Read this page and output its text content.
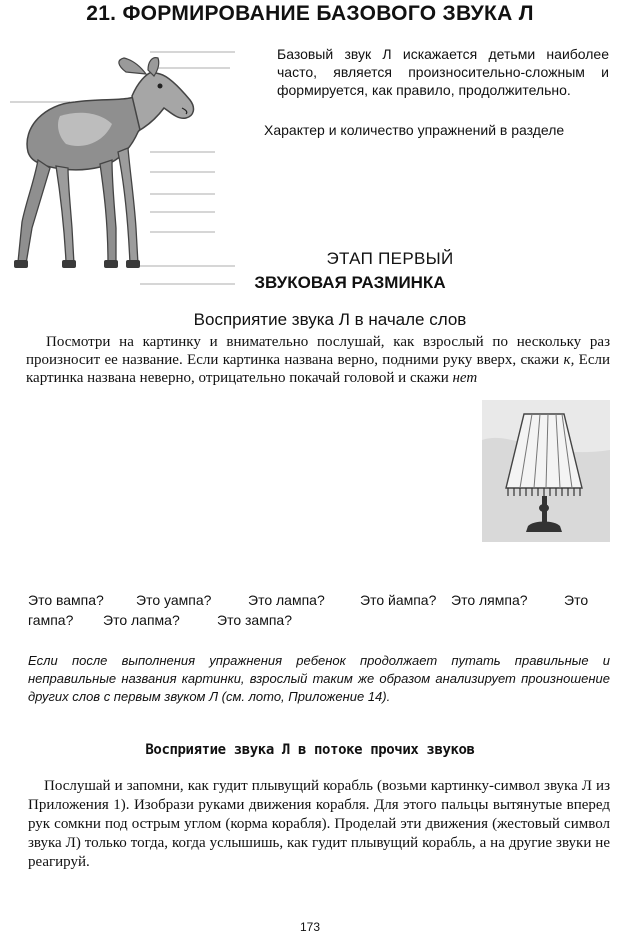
21. ФОРМИРОВАНИЕ БАЗОВОГО ЗВУКА Л
Базовый звук Л искажается детьми наиболее часто, является произносительно-сложным и формируется, как правило, продолжительно.
Характер и количество упражнений в разделе
ЭТАП ПЕРВЫЙ
ЗВУКОВАЯ РАЗМИНКА
Восприятие звука Л в начале слов
Посмотри на картинку и внимательно послушай, как взрослый по нескольку раз произносит ее название. Если картинка названа верно, подними руку вверх, скажи к, Если картинка названа неверно, отрицательно покачай головой и скажи нет
Это вампа? Это уампа?	Это лампа?	Это йампа? Это лямпа?	Это
гампа? Это лапма?	Это зампа?
Если после выполнения упражнения ребенок продолжает путать правильные и неправильные названия картинки, взрослый таким же образом анализирует произношение других слов с первым звуком Л (см. лото, Приложение 14).
Восприятие звука Л в потоке прочих звуков
Послушай и запомни, как гудит плывущий корабль (возьми картинку-символ звука Л из Приложения 1). Изобрази руками движения корабля. Для этого пальцы вытянутые вперед рук сомкни под острым углом (корма корабля). Проделай эти движения (жестовый символ звука Л) только тогда, когда услышишь, как гудит плывущий корабль, а на другие звуки не реагируй.
173
